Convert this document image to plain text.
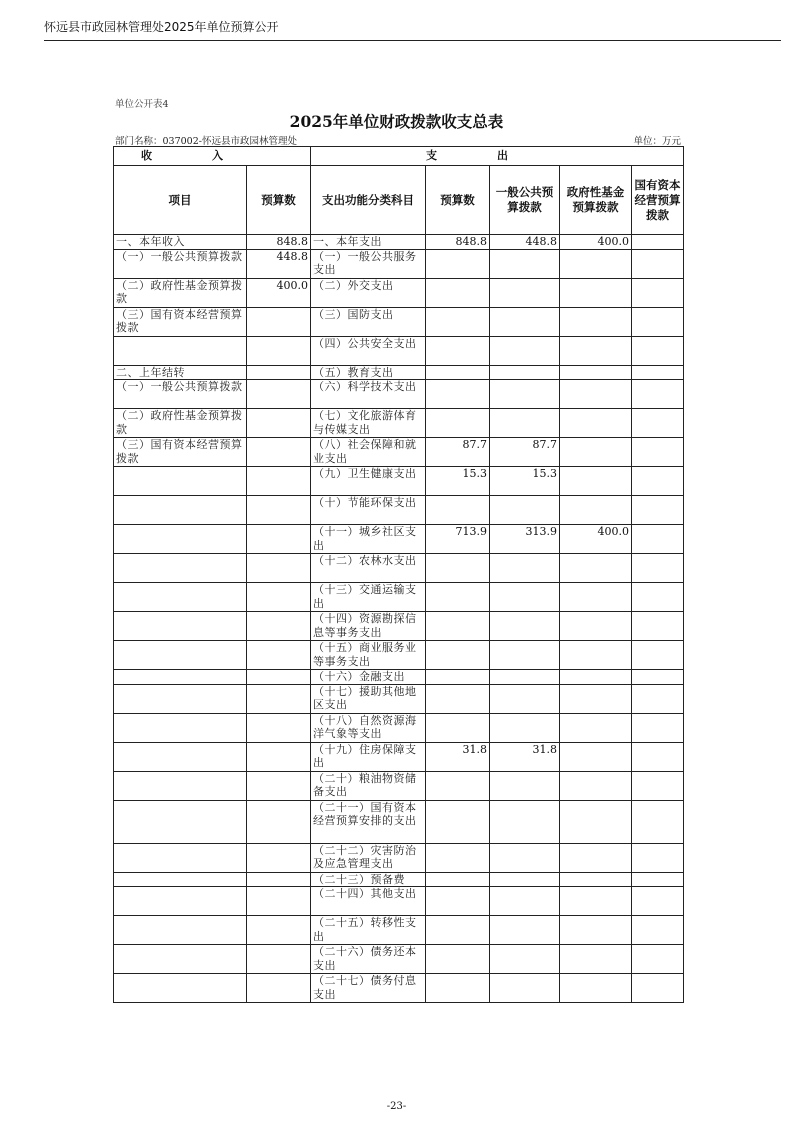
怀远县市政园林管理处2025年单位预算公开
单位公开表4
2025年单位财政拨款收支总表
部门名称：037002-怀远县市政园林管理处	单位：万元
收入		支出				
项目	预算数	支出功能分类科目	预算数	一般公共预算拨款	政府性基金预算拨款	国有资本经营预算拨款
一、本年收入	848.8	一、本年支出	848.8	448.8	400.0	
（一）一般公共预算拨款	448.8	（一）一般公共服务支出				
（二）政府性基金预算拨款	400.0	（二）外交支出				
（三）国有资本经营预算拨款		（三）国防支出				
		（四）公共安全支出				
二、上年结转		（五）教育支出				
（一）一般公共预算拨款		（六）科学技术支出				
（二）政府性基金预算拨款		（七）文化旅游体育与传媒支出				
（三）国有资本经营预算拨款		（八）社会保障和就业支出	87.7	87.7		
		（九）卫生健康支出	15.3	15.3		
		（十）节能环保支出				
		（十一）城乡社区支出	713.9	313.9	400.0	
		（十二）农林水支出				
		（十三）交通运输支出				
		（十四）资源勘探信息等事务支出				
		（十五）商业服务业等事务支出				
		（十六）金融支出				
		（十七）援助其他地区支出				
		（十八）自然资源海洋气象等支出				
		（十九）住房保障支出	31.8	31.8		
		（二十）粮油物资储备支出				
		（二十一）国有资本经营预算安排的支出				
		（二十二）灾害防治及应急管理支出				
		（二十三）预备费				
		（二十四）其他支出				
		（二十五）转移性支出				
		（二十六）债务还本支出				
		（二十七）债务付息支出				
-23-
